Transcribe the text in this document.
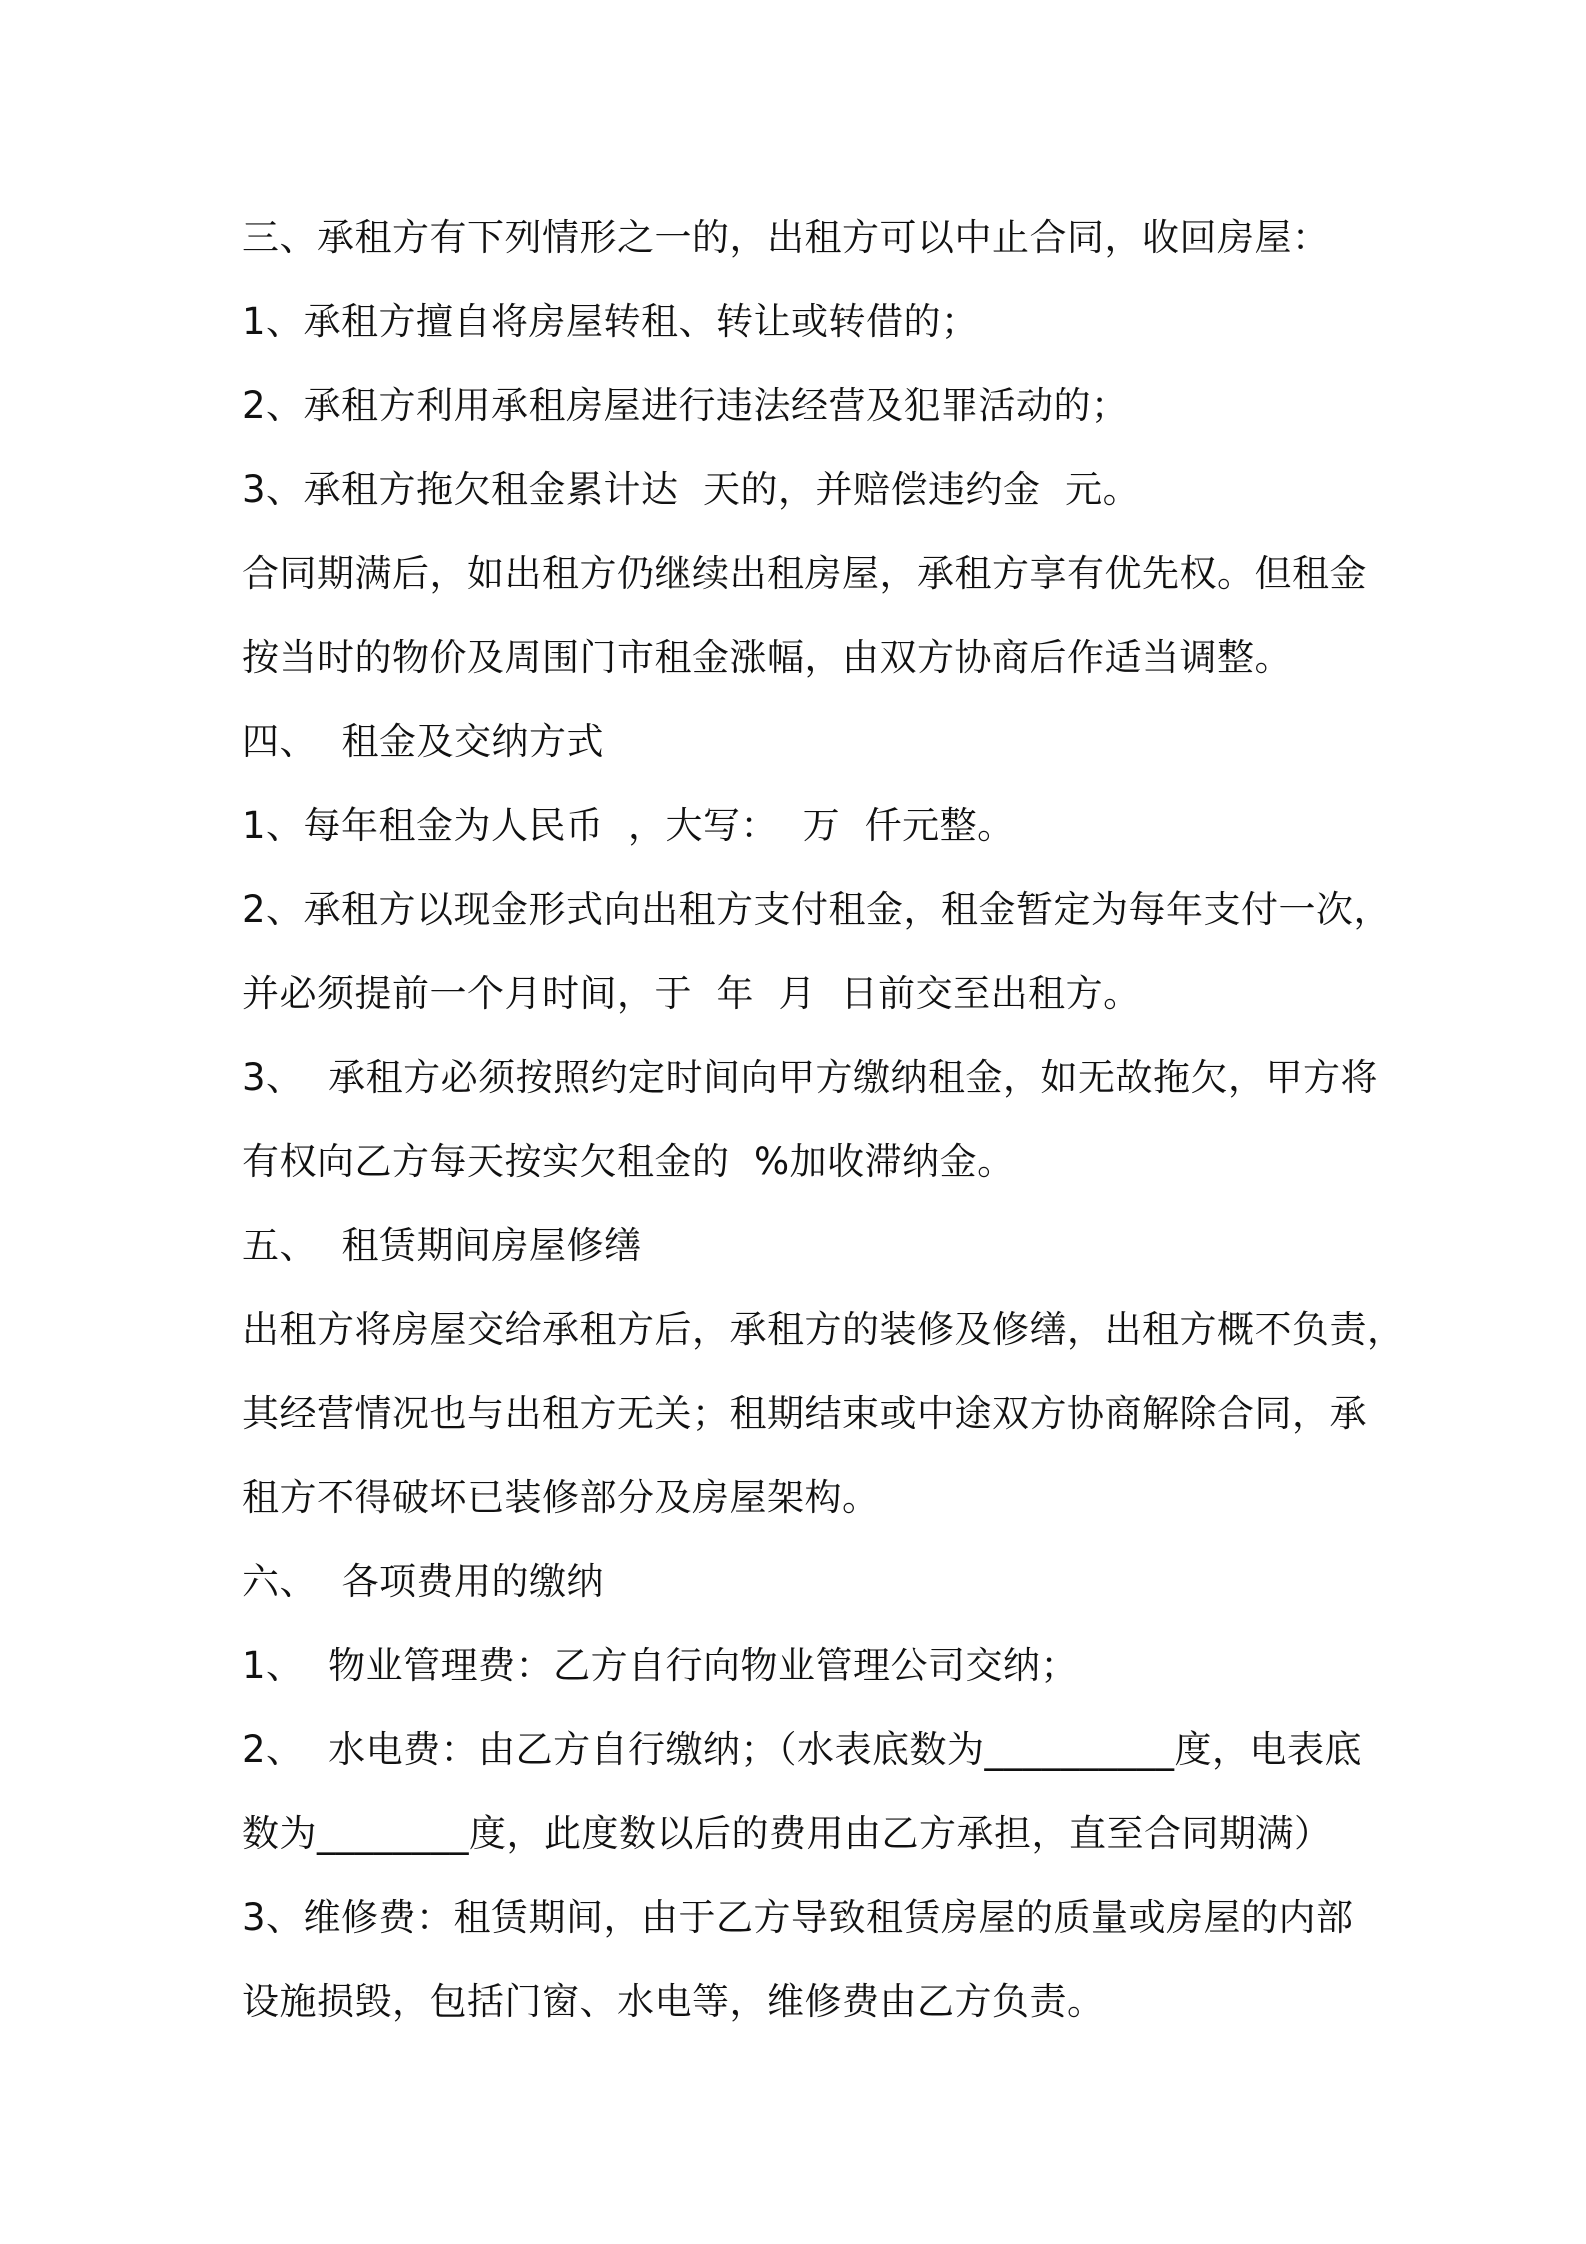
三、承租方有下列情形之一的，出租方可以中止合同，收回房屋：
1、承租方擅自将房屋转租、转让或转借的；
2、承租方利用承租房屋进行违法经营及犯罪活动的；
3、承租方拖欠租金累计达  天的，并赔偿违约金  元。
合同期满后，如出租方仍继续出租房屋，承租方享有优先权。但租金
按当时的物价及周围门市租金涨幅，由双方协商后作适当调整。
四、  租金及交纳方式
1、每年租金为人民币  ，大写：  万  仟元整。
2、承租方以现金形式向出租方支付租金，租金暂定为每年支付一次，
并必须提前一个月时间，于  年  月  日前交至出租方。
3、  承租方必须按照约定时间向甲方缴纳租金，如无故拖欠，甲方将
有权向乙方每天按实欠租金的  %加收滞纳金。
五、  租赁期间房屋修缮
出租方将房屋交给承租方后，承租方的装修及修缮，出租方概不负责，
其经营情况也与出租方无关；租期结束或中途双方协商解除合同，承
租方不得破坏已装修部分及房屋架构。
六、  各项费用的缴纳
1、  物业管理费：乙方自行向物业管理公司交纳；
2、  水电费：由乙方自行缴纳；（水表底数为__________度，电表底
数为________度，此度数以后的费用由乙方承担，直至合同期满）
3、维修费：租赁期间，由于乙方导致租赁房屋的质量或房屋的内部
设施损毁，包括门窗、水电等，维修费由乙方负责。
